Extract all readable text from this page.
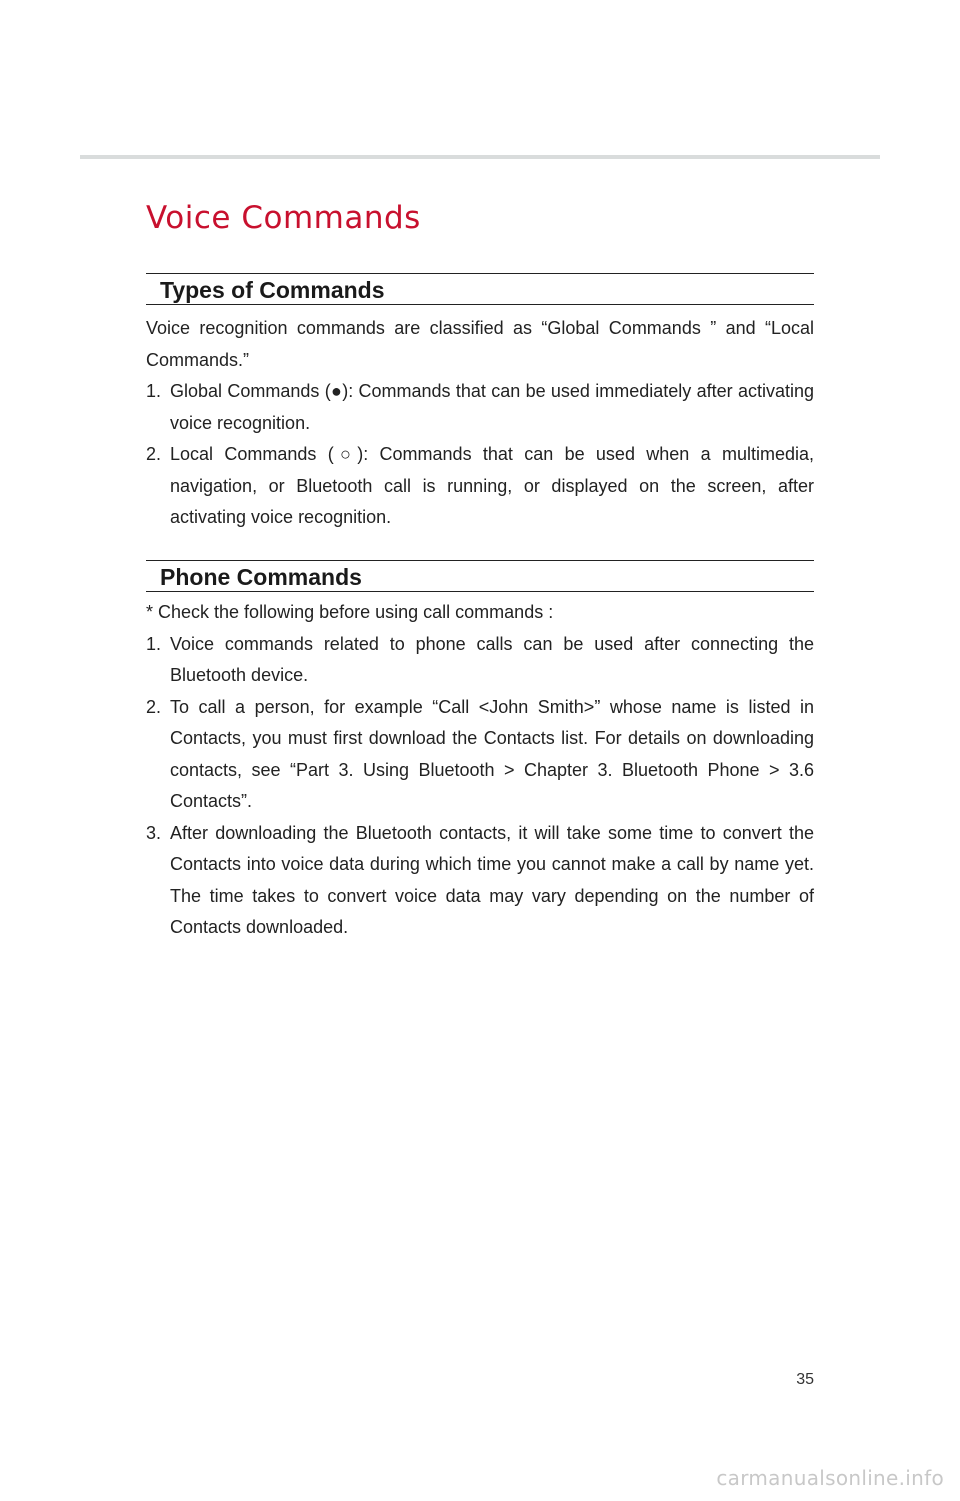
Voice Commands
Types of Commands

Voice recognition commands are classified as “Global Commands ” and “Local Commands.”

1. Global Commands (●): Commands that can be used immediately after activating voice recognition.
2. Local Commands (○): Commands that can be used when a multimedia, navigation, or Bluetooth call is running, or displayed on the screen, after activating voice recognition.
Phone Commands

* Check the following before using call commands :

1. Voice commands related to phone calls can be used after connecting the Bluetooth device.
2. To call a person, for example “Call <John Smith>” whose name is listed in Contacts, you must first download the Contacts list. For details on downloading contacts, see “Part 3. Using Bluetooth > Chapter 3. Bluetooth Phone > 3.6 Contacts”.
3. After downloading the Bluetooth contacts, it will take some time to convert the Contacts into voice data during which time you cannot make a call by name yet. The time takes to convert voice data may vary depending on the number of Contacts downloaded.
35
carmanualsonline.info
